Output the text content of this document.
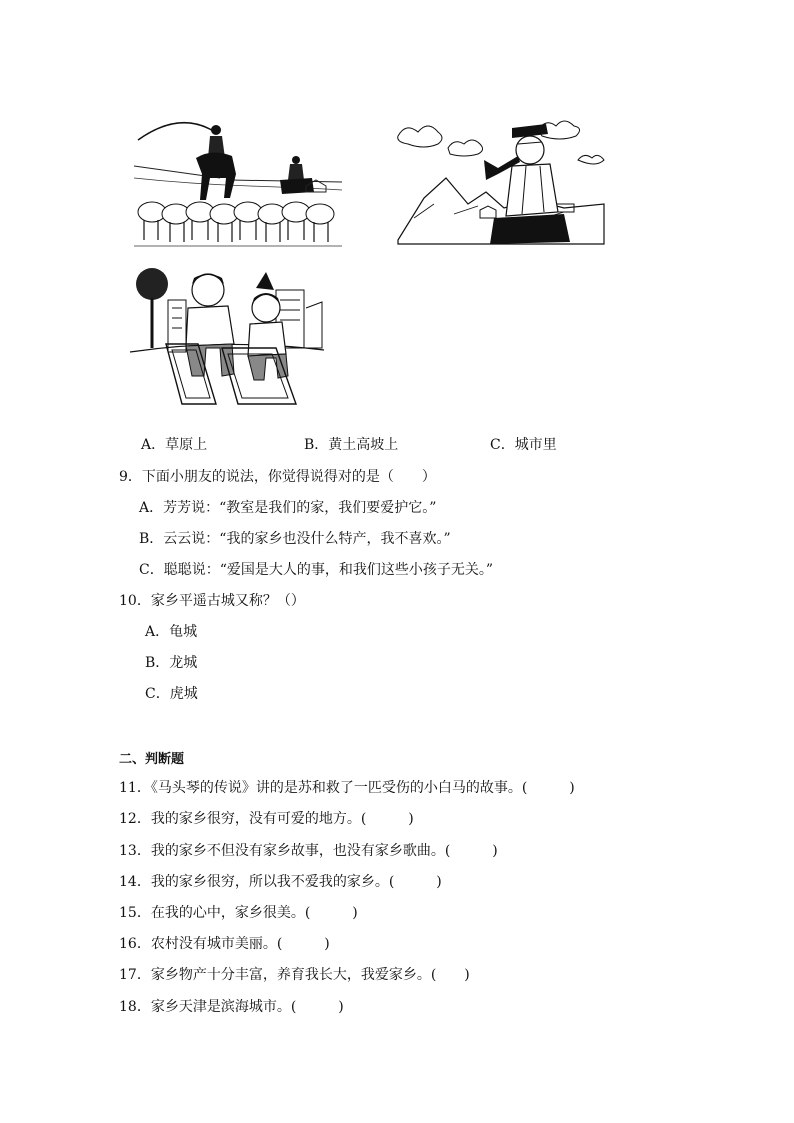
A．草原上	B．黄土高坡上	C．城市里
9．下面小朋友的说法，你觉得说得对的是（　　）
A．芳芳说：“教室是我们的家，我们要爱护它。”
B．云云说：“我的家乡也没什么特产，我不喜欢。”
C．聪聪说：“爱国是大人的事，和我们这些小孩子无关。”
10．家乡平遥古城又称？（）
A．龟城
B．龙城
C．虎城
二、判断题
11．《马头琴的传说》讲的是苏和救了一匹受伤的小白马的故事。(　　　)
12．我的家乡很穷，没有可爱的地方。(　　　)
13．我的家乡不但没有家乡故事，也没有家乡歌曲。(　　　)
14．我的家乡很穷，所以我不爱我的家乡。(　　　)
15．在我的心中，家乡很美。(　　　)
16．农村没有城市美丽。(　　　)
17．家乡物产十分丰富，养育我长大，我爱家乡。(　　)
18．家乡天津是滨海城市。(　　　)
